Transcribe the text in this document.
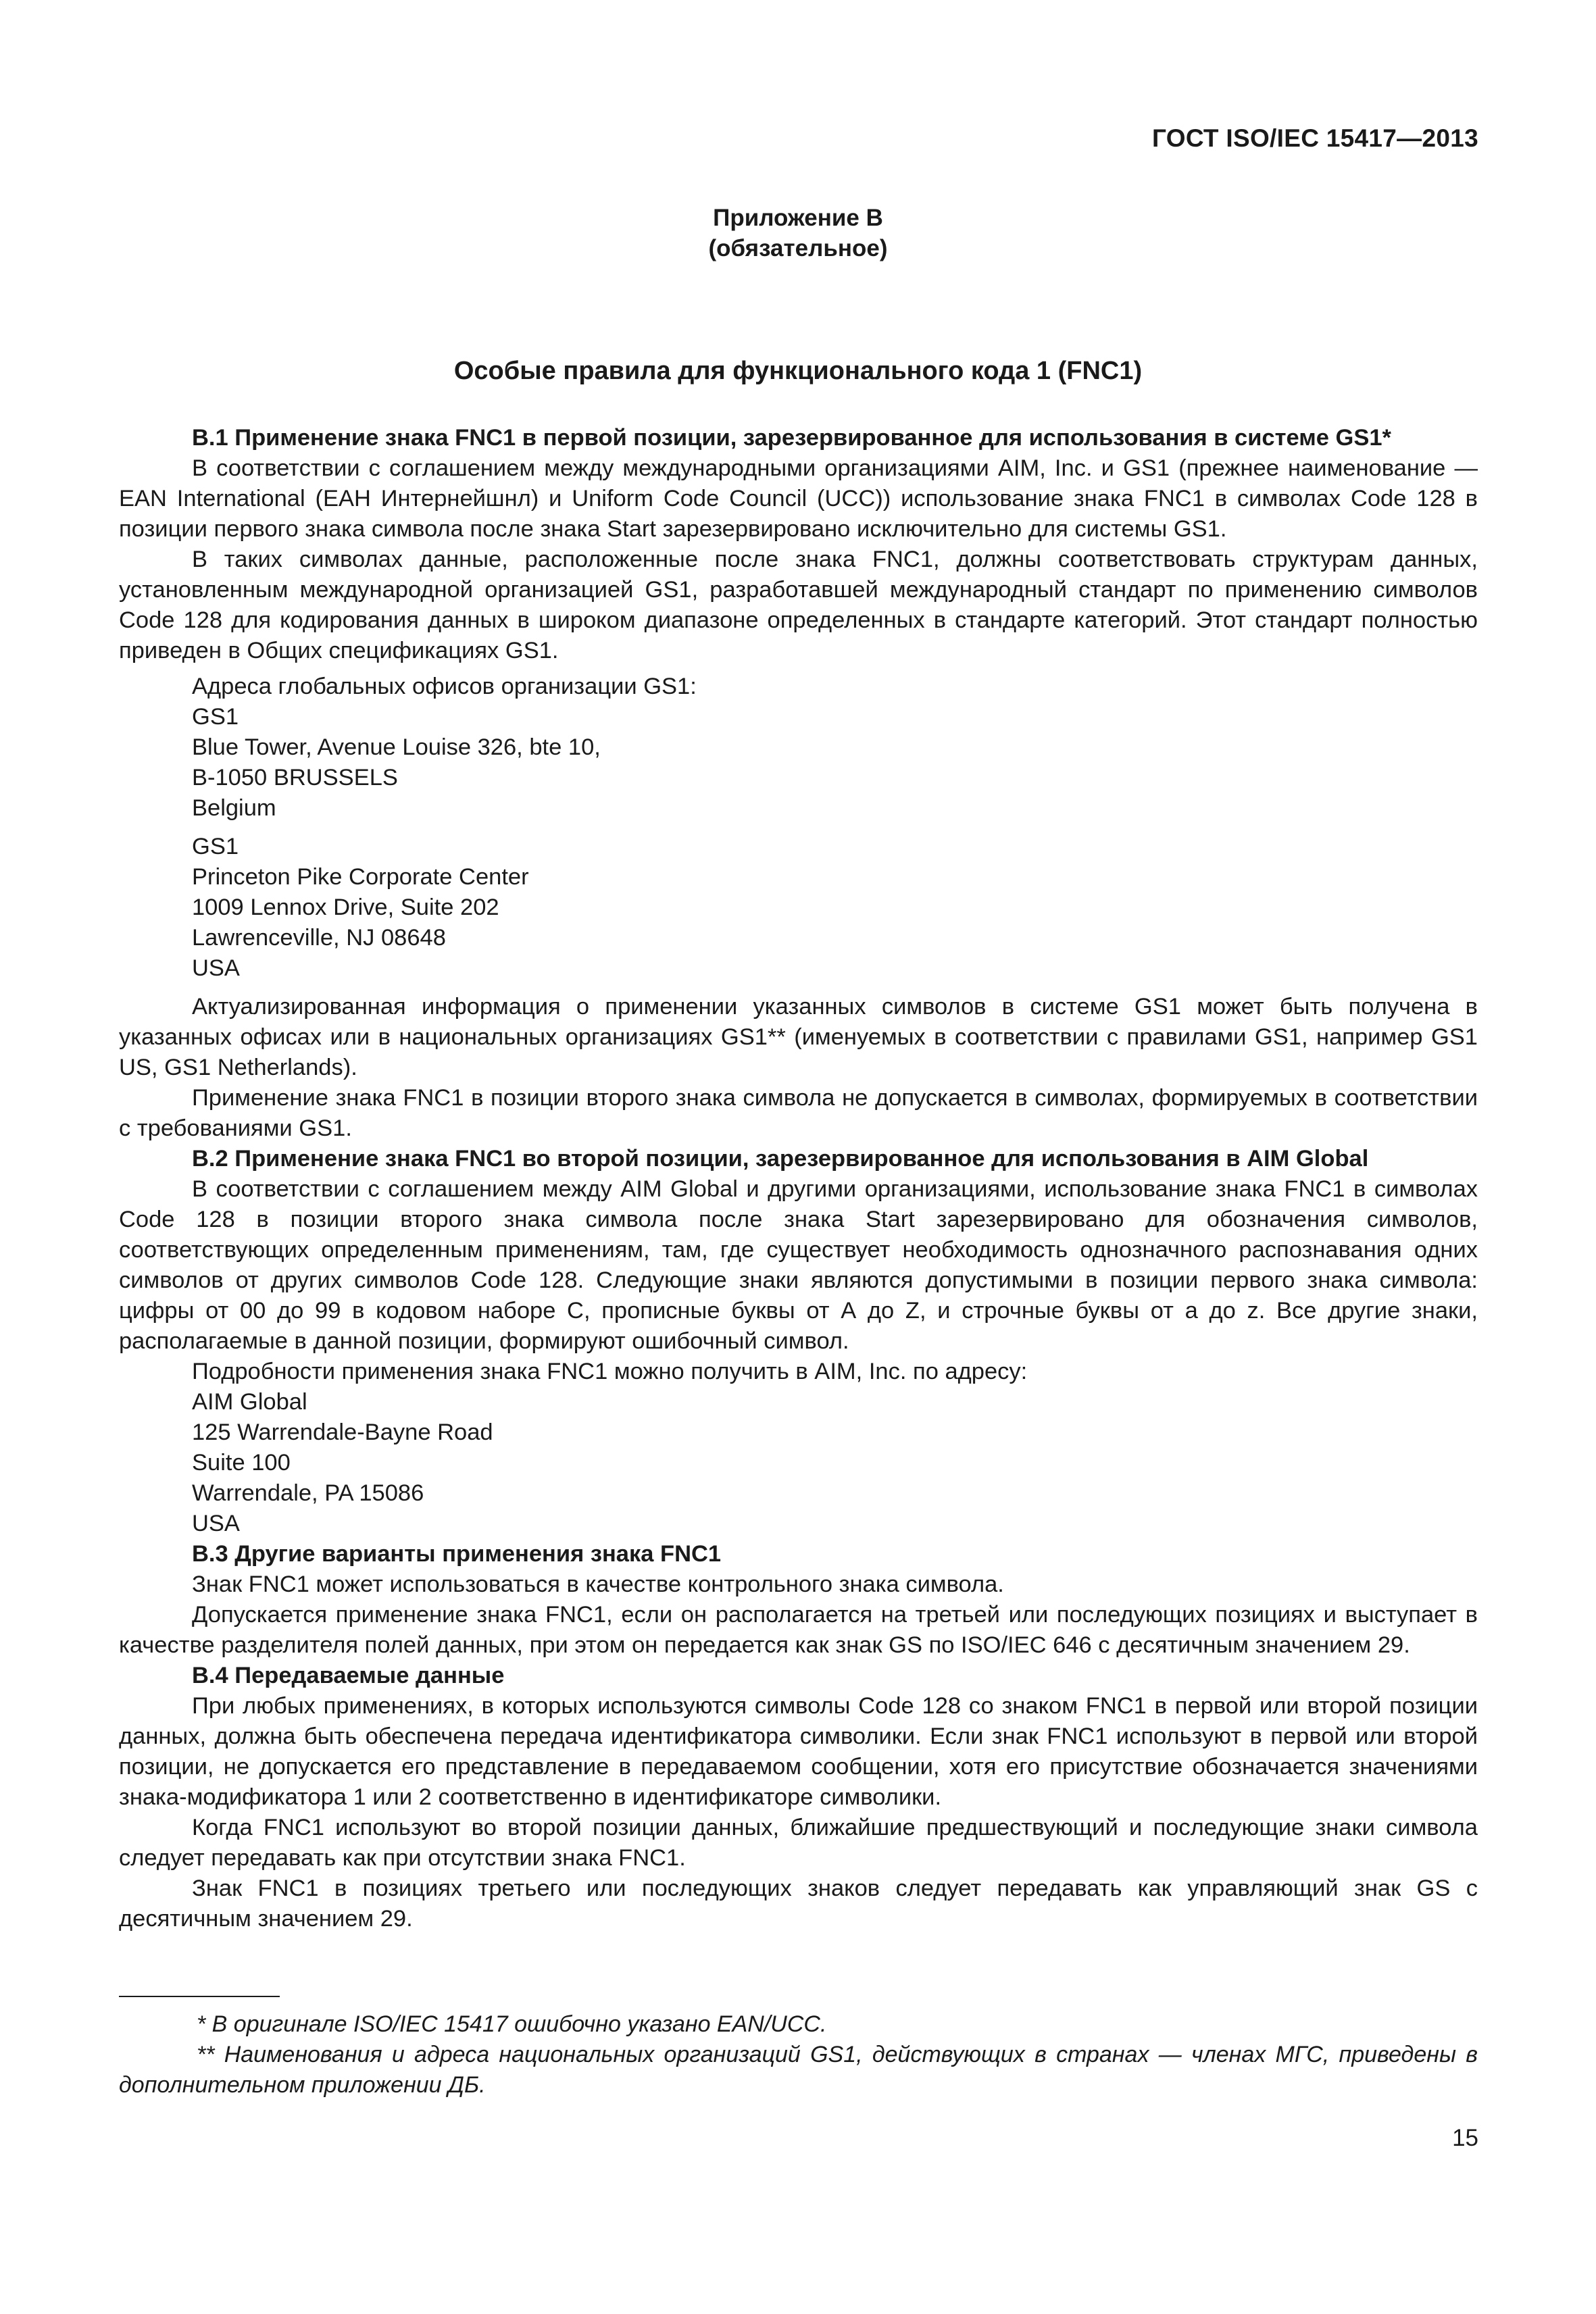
ГОСТ ISO/IEC 15417—2013
Приложение В
(обязательное)
Особые правила для функционального кода 1 (FNC1)

В.1 Применение знака FNC1 в первой позиции, зарезервированное для использования в системе GS1*

В соответствии с соглашением между международными организациями AIM, Inc. и GS1 (прежнее наименование — EAN International (ЕАН Интернейшнл) и Uniform Code Council (UCC)) использование знака FNC1 в символах Code 128 в позиции первого знака символа после знака Start зарезервировано исключительно для системы GS1.

В таких символах данные, расположенные после знака FNC1, должны соответствовать структурам данных, установленным международной организацией GS1, разработавшей международный стандарт по применению символов Code 128 для кодирования данных в широком диапазоне определенных в стандарте категорий. Этот стандарт полностью приведен в Общих спецификациях GS1.

Адреса глобальных офисов организации GS1:

GS1
Blue Tower, Avenue Louise 326, bte 10,
B-1050 BRUSSELS
Belgium
GS1
Princeton Pike Corporate Center
1009 Lennox Drive, Suite 202
Lawrenceville, NJ 08648
USA

Актуализированная информация о применении указанных символов в системе GS1 может быть получена в указанных офисах или в национальных организациях GS1** (именуемых в соответствии с правилами GS1, например GS1 US, GS1 Netherlands).

Применение знака FNC1 в позиции второго знака символа не допускается в символах, формируемых в соответствии с требованиями GS1.

В.2 Применение знака FNC1 во второй позиции, зарезервированное для использования в AIM Global

В соответствии с соглашением между AIM Global и другими организациями, использование знака FNC1 в символах Code 128 в позиции второго знака символа после знака Start зарезервировано для обозначения символов, соответствующих определенным применениям, там, где существует необходимость однозначного распознавания одних символов от других символов Code 128. Следующие знаки являются допустимыми в позиции первого знака символа: цифры от 00 до 99 в кодовом наборе С, прописные буквы от А до Z, и строчные буквы от a до z. Все другие знаки, располагаемые в данной позиции, формируют ошибочный символ.

Подробности применения знака FNC1 можно получить в AIM, Inc. по адресу:

AIM Global
125 Warrendale-Bayne Road
Suite 100
Warrendale, PA 15086
USA

В.3 Другие варианты применения знака FNC1

Знак FNC1 может использоваться в качестве контрольного знака символа.

Допускается применение знака FNC1, если он располагается на третьей или последующих позициях и выступает в качестве разделителя полей данных, при этом он передается как знак GS по ISO/IEC 646 с десятичным значением 29.

В.4 Передаваемые данные

При любых применениях, в которых используются символы Code 128 со знаком FNC1 в первой или второй позиции данных, должна быть обеспечена передача идентификатора символики. Если знак FNC1 используют в первой или второй позиции, не допускается его представление в передаваемом сообщении, хотя его присутствие обозначается значениями знака-модификатора 1 или 2 соответственно в идентификаторе символики.

Когда FNC1 используют во второй позиции данных, ближайшие предшествующий и последующие знаки символа следует передавать как при отсутствии знака FNC1.

Знак FNC1 в позициях третьего или последующих знаков следует передавать как управляющий знак GS с десятичным значением 29.

* В оригинале ISO/IEC 15417 ошибочно указано EAN/UCC.

** Наименования и адреса национальных организаций GS1, действующих в странах — членах МГС, приведены в дополнительном приложении ДБ.

15
